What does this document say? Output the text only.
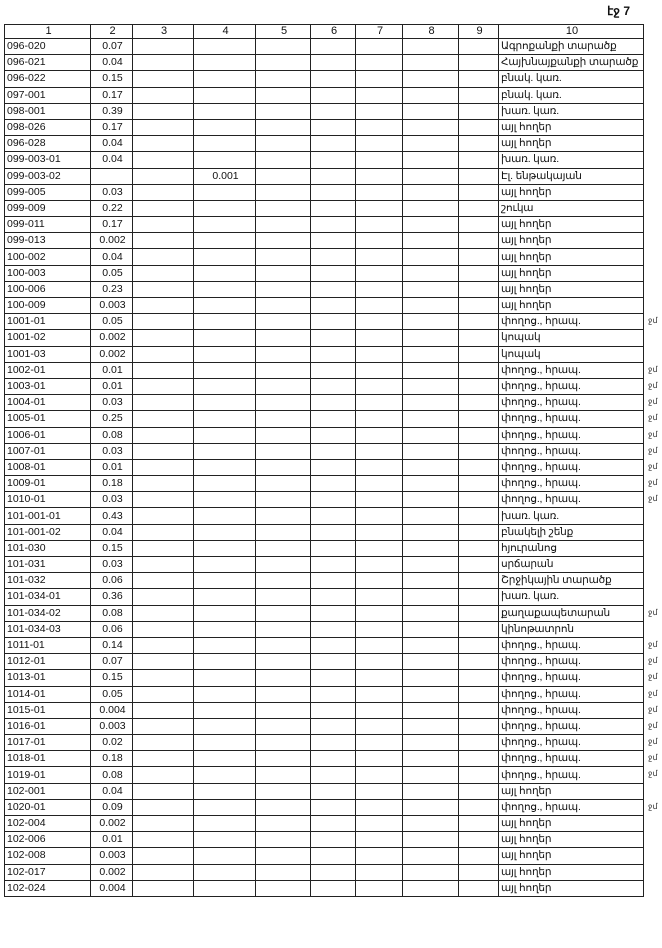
էջ 7
1	2	3	4	5	6	7	8	9	10
096-020	0.07								Ագրոքանքի տարածք
096-021	0.04								Հայխնայքանքի տարածք
096-022	0.15								բնակ. կառ.
097-001	0.17								բնակ. կառ.
098-001	0.39								խառ. կառ.
098-026	0.17								այլ հողեր
096-028	0.04								այլ հողեր
099-003-01	0.04								խառ. կառ.
099-003-02			0.001						Էլ. ենթակայան
099-005	0.03								այլ հողեր
099-009	0.22								շուկա
099-011	0.17								այլ հողեր
099-013	0.002								այլ հողեր
100-002	0.04								այլ հողեր
100-003	0.05								այլ հողեր
100-006	0.23								այլ հողեր
100-009	0.003								այլ հողեր
1001-01	0.05								փողոց., հրապ.
1001-02	0.002								կոպակ
1001-03	0.002								կոպակ
1002-01	0.01								փողոց., հրապ.
1003-01	0.01								փողոց., հրապ.
1004-01	0.03								փողոց., հրապ.
1005-01	0.25								փողոց., հրապ.
1006-01	0.08								փողոց., հրապ.
1007-01	0.03								փողոց., հրապ.
1008-01	0.01								փողոց., հրապ.
1009-01	0.18								փողոց., հրապ.
1010-01	0.03								փողոց., հրապ.
101-001-01	0.43								խառ. կառ.
101-001-02	0.04								բնակելի շենք
101-030	0.15								հյուրանոց
101-031	0.03								սրճարան
101-032	0.06								Շրջիկային տարածք
101-034-01	0.36								խառ. կառ.
101-034-02	0.08								քաղաքապետարան
101-034-03	0.06								կինոթատրոն
1011-01	0.14								փողոց., հրապ.
1012-01	0.07								փողոց., հրապ.
1013-01	0.15								փողոց., հրապ.
1014-01	0.05								փողոց., հրապ.
1015-01	0.004								փողոց., հրապ.
1016-01	0.003								փողոց., հրապ.
1017-01	0.02								փողոց., հրապ.
1018-01	0.18								փողոց., հրապ.
1019-01	0.08								փողոց., հրապ.
102-001	0.04								այլ հողեր
1020-01	0.09								փողոց., հրապ.
102-004	0.002								այլ հողեր
102-006	0.01								այլ հողեր
102-008	0.003								այլ հողեր
102-017	0.002								այլ հողեր
102-024	0.004								այլ հողեր
ջմ
ջմ
ջմ
ջմ
ջմ
ջմ
ջմ
ջմ
ջմ
ջմ
ջմ
ջմ
ջմ
ջմ
ջմ
ջմ
ջմ
ջմ
ջմ
ջմ
ջմ
